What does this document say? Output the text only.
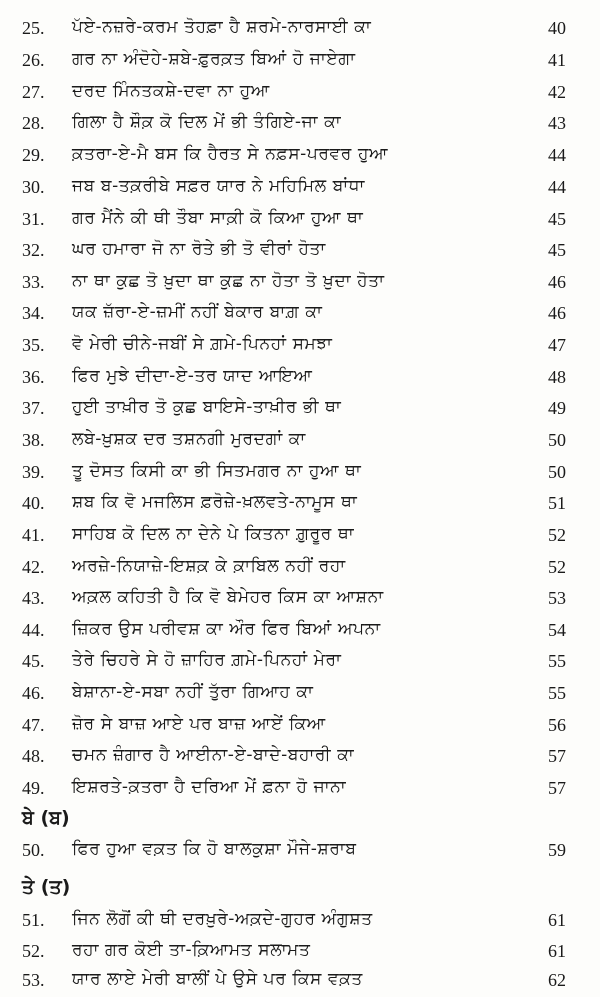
25. ਪੱਏ-ਨਜ਼ਰੇ-ਕਰਮ ਤੋਹਫ਼ਾ ਹੈ ਸ਼ਰਮੇ-ਨਾਰਸਾਈ ਕਾ	40
26. ਗਰ ਨਾ ਅੰਦੋਹੇ-ਸ਼ਬੇ-ਫ਼ੁਰਕ਼ਤ ਬਿਆਂ ਹੋ ਜਾਏਗਾ	41
27. ਦਰਦ ਮਿੰਨਤਕਸ਼ੇ-ਦਵਾ ਨਾ ਹੁਆ	42
28. ਗਿਲਾ ਹੈ ਸ਼ੌਕ਼ ਕੋ ਦਿਲ ਮੇਂ ਭੀ ਤੰਗਿਏ-ਜਾ ਕਾ	43
29. ਕ਼ਤਰਾ-ਏ-ਮੈ ਬਸ ਕਿ ਹੈਰਤ ਸੇ ਨਫ਼ਸ-ਪਰਵਰ ਹੁਆ	44
30. ਜਬ ਬ-ਤਕ਼ਰੀਬੇ ਸਫ਼ਰ ਯਾਰ ਨੇ ਮਹਿਮਿਲ ਬਾਂਧਾ	44
31. ਗਰ ਮੈਂਨੇ ਕੀ ਥੀ ਤੌਬਾ ਸਾਕ਼ੀ ਕੋ ਕਿਆ ਹੁਆ ਥਾ	45
32. ਘਰ ਹਮਾਰਾ ਜੋ ਨਾ ਰੋਤੇ ਭੀ ਤੋ ਵੀਰਾਂ ਹੋਤਾ	45
33. ਨਾ ਥਾ ਕੁਛ ਤੋ ਖ਼ੁਦਾ ਥਾ ਕੁਛ ਨਾ ਹੋਤਾ ਤੋ ਖ਼ੁਦਾ ਹੋਤਾ	46
34. ਯਕ ਜ਼ੱਰਾ-ਏ-ਜ਼ਮੀਂ ਨਹੀਂ ਬੇਕਾਰ ਬਾਗ਼ ਕਾ	46
35. ਵੋ ਮੇਰੀ ਚੀਨੇ-ਜਬੀਂ ਸੇ ਗ਼ਮੇ-ਪਿਨਹਾਂ ਸਮਝਾ	47
36. ਫਿਰ ਮੁਝੇ ਦੀਦਾ-ਏ-ਤਰ ਯਾਦ ਆਇਆ	48
37. ਹੁਈ ਤਾਖ਼ੀਰ ਤੋ ਕੁਛ ਬਾਇਸੇ-ਤਾਖ਼ੀਰ ਭੀ ਥਾ	49
38. ਲਬੇ-ਖ਼ੁਸ਼ਕ ਦਰ ਤਸ਼ਨਗੀ ਮੁਰਦਗਾਂ ਕਾ	50
39. ਤੂ ਦੋਸਤ ਕਿਸੀ ਕਾ ਭੀ ਸਿਤਮਗਰ ਨਾ ਹੁਆ ਥਾ	50
40. ਸ਼ਬ ਕਿ ਵੋ ਮਜਲਿਸ ਫ਼ਰੋਜ਼ੇ-ਖ਼ਲਵਤੇ-ਨਾਮੂਸ ਥਾ	51
41. ਸਾਹਿਬ ਕੋ ਦਿਲ ਨਾ ਦੇਨੇ ਪੇ ਕਿਤਨਾ ਗ਼ੁਰੂਰ ਥਾ	52
42. ਅਰਜ਼ੇ-ਨਿਯਾਜ਼ੇ-ਇਸ਼ਕ਼ ਕੇ ਕ਼ਾਬਿਲ ਨਹੀਂ ਰਹਾ	52
43. ਅਕ਼ਲ ਕਹਿਤੀ ਹੈ ਕਿ ਵੋ ਬੇਮੇਹਰ ਕਿਸ ਕਾ ਆਸ਼ਨਾ	53
44. ਜ਼ਿਕਰ ਉਸ ਪਰੀਵਸ਼ ਕਾ ਔਰ ਫਿਰ ਬਿਆਂ ਅਪਨਾ	54
45. ਤੇਰੇ ਚਿਹਰੇ ਸੇ ਹੋ ਜ਼ਾਹਿਰ ਗ਼ਮੇ-ਪਿਨਹਾਂ ਮੇਰਾ	55
46. ਬੇਸ਼ਾਨਾ-ਏ-ਸਬਾ ਨਹੀਂ ਤੁੱਰਾ ਗਿਆਹ ਕਾ	55
47. ਜ਼ੋਰ ਸੇ ਬਾਜ਼ ਆਏ ਪਰ ਬਾਜ਼ ਆਏਂ ਕਿਆ	56
48. ਚਮਨ ਜ਼ੰਗਾਰ ਹੈ ਆਈਨਾ-ਏ-ਬਾਦੇ-ਬਹਾਰੀ ਕਾ	57
49. ਇਸ਼ਰਤੇ-ਕ਼ਤਰਾ ਹੈ ਦਰਿਆ ਮੇਂ ਫ਼ਨਾ ਹੋ ਜਾਨਾ	57
ਬੇ (ਬ)
50. ਫਿਰ ਹੁਆ ਵਕ਼ਤ ਕਿ ਹੋ ਬਾਲਕੁਸ਼ਾ ਮੌਜੇ-ਸ਼ਰਾਬ	59
ਤੇ (ਤ)
51. ਜਿਨ ਲੋਗੋਂ ਕੀ ਥੀ ਦਰਖ਼ੁਰੇ-ਅਕ਼ਦੇ-ਗੁਹਰ ਅੰਗੁਸ਼ਤ	61
52. ਰਹਾ ਗਰ ਕੋਈ ਤਾ-ਕ਼ਿਆਮਤ ਸਲਾਮਤ	61
53. ਯਾਰ ਲਾਏ ਮੇਰੀ ਬਾਲੀਂ ਪੇ ਉਸੇ ਪਰ ਕਿਸ ਵਕ਼ਤ	62
